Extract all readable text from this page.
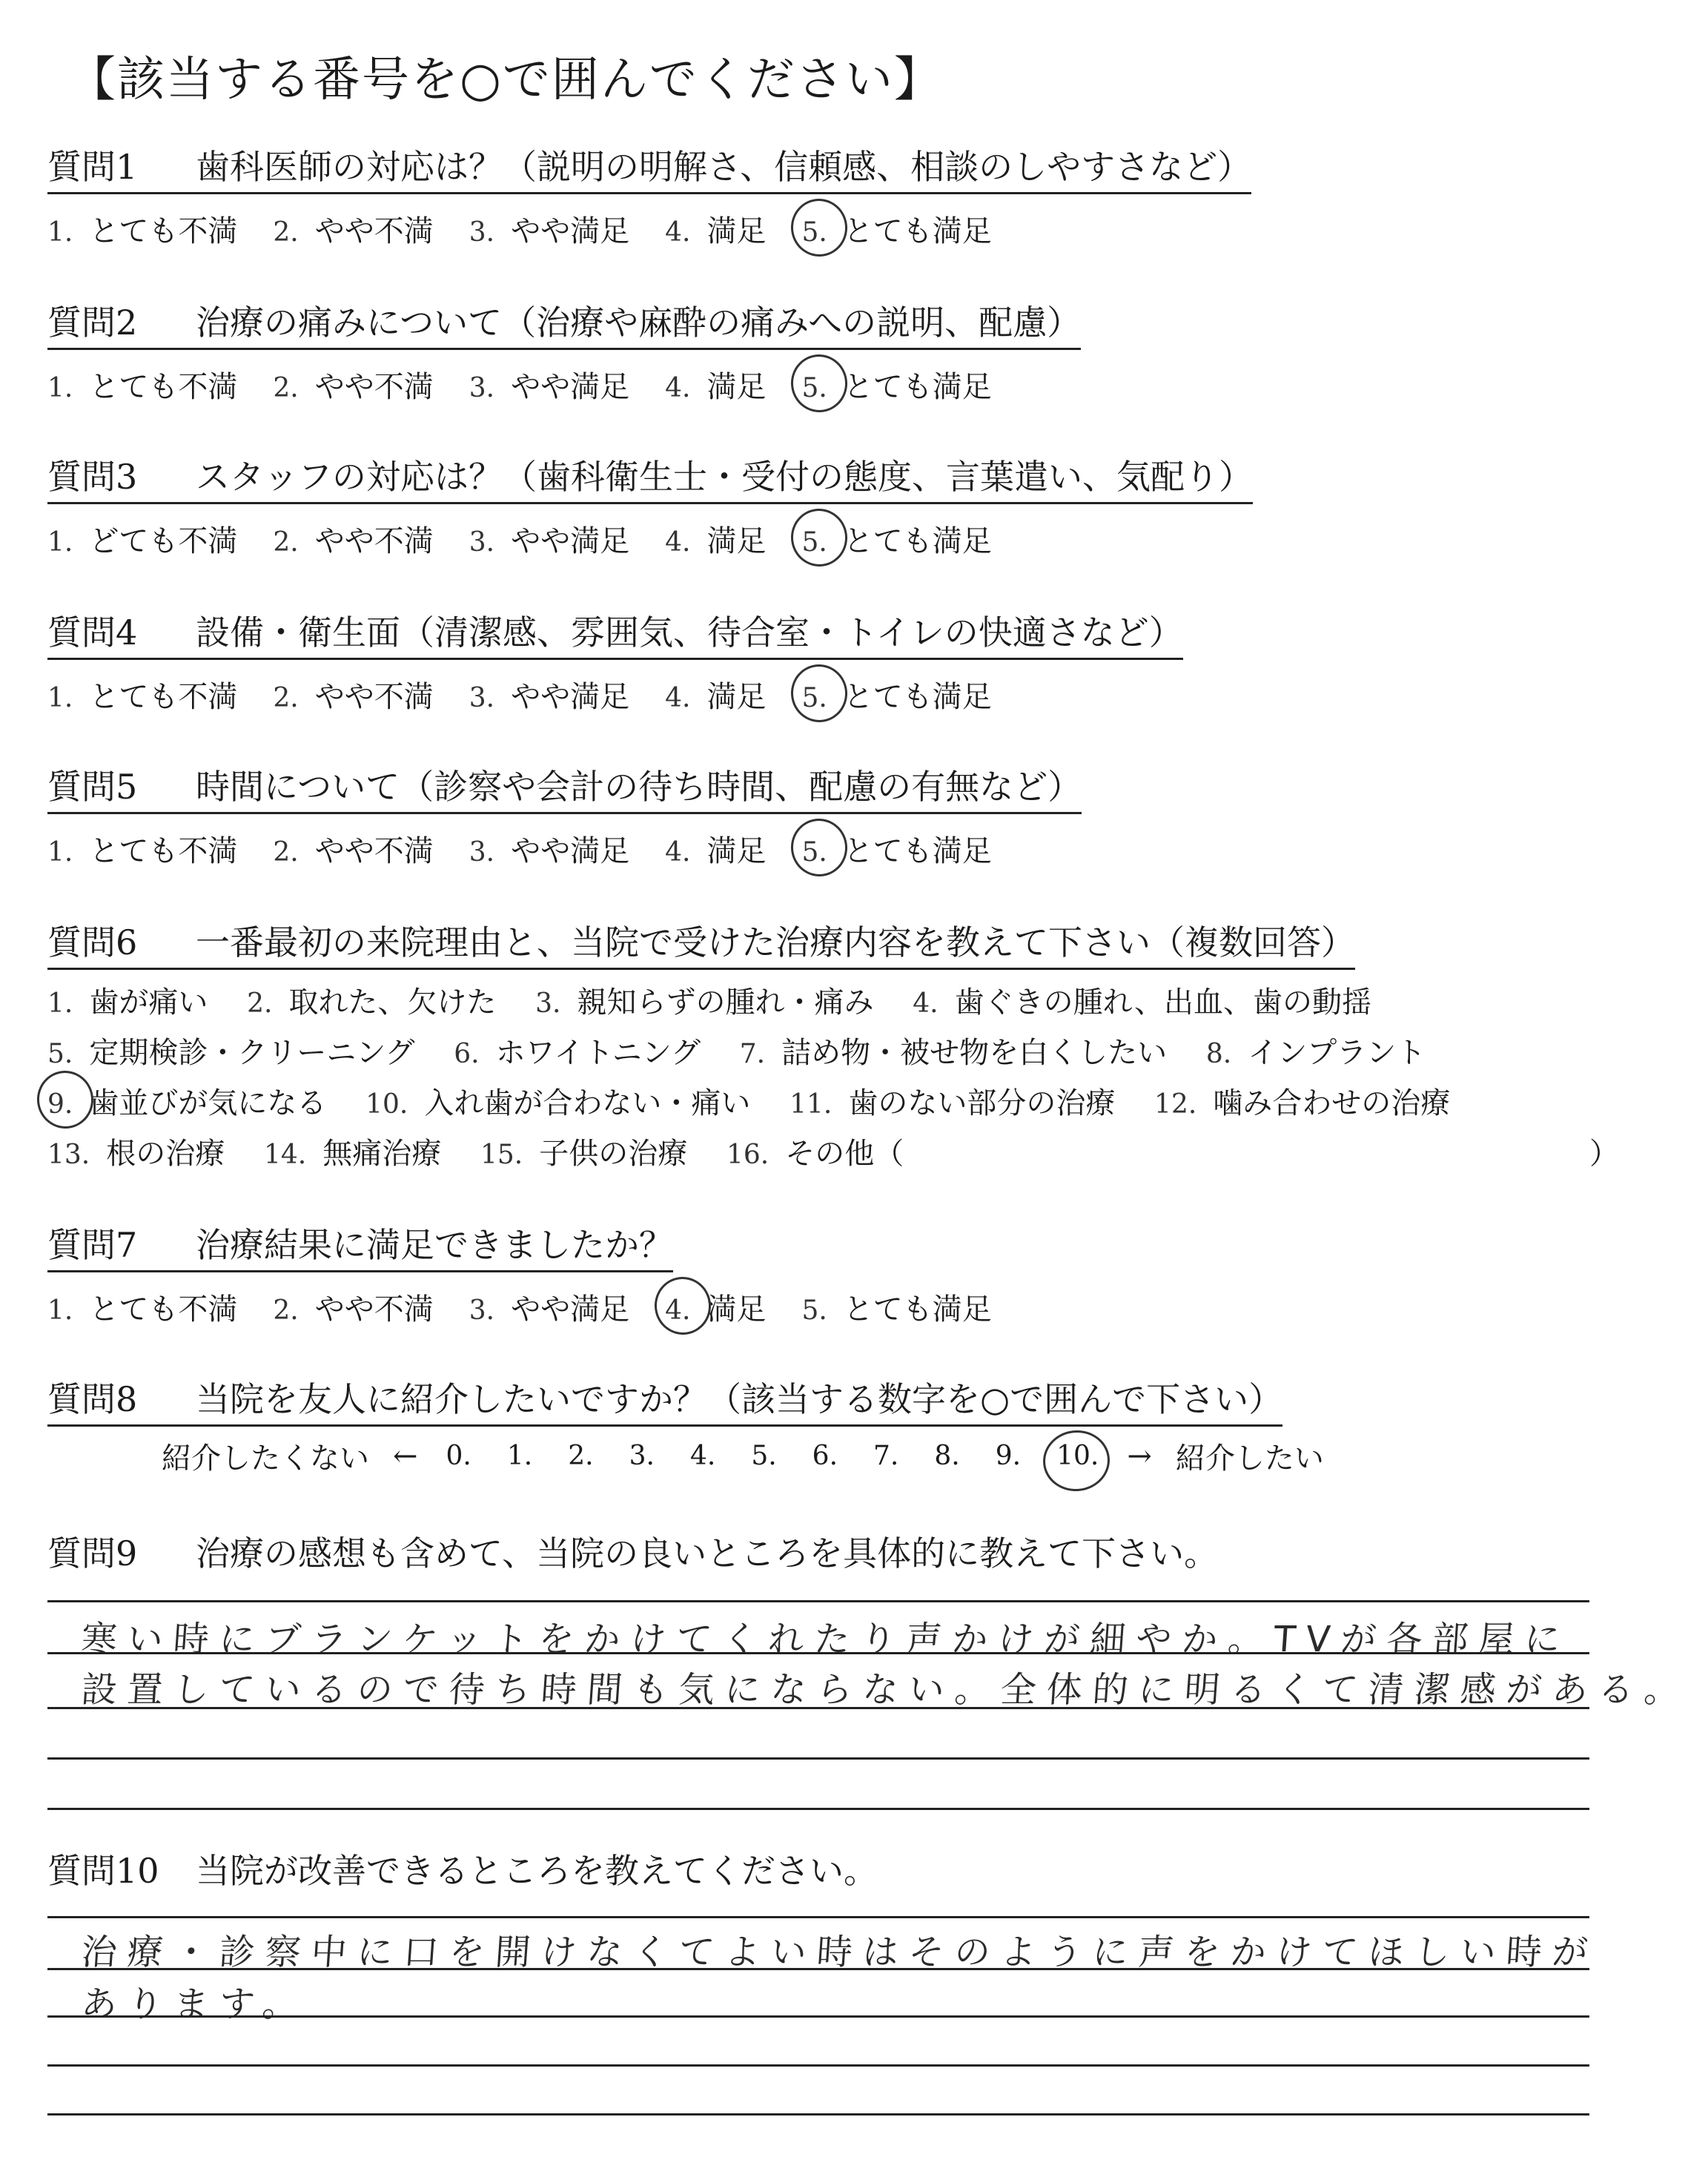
【該当する番号を○で囲んでください】
質問1 歯科医師の対応は？（説明の明解さ、信頼感、相談のしやすさなど）
1. とても不満 2. やや不満 3. やや満足 4. 満足 5. とても満足
質問2 治療の痛みについて（治療や麻酔の痛みへの説明、配慮）
1. とても不満 2. やや不満 3. やや満足 4. 満足 5. とても満足
質問3 スタッフの対応は？（歯科衛生士・受付の態度、言葉遣い、気配り）
1. どても不満 2. やや不満 3. やや満足 4. 満足 5. とても満足
質問4 設備・衛生面（清潔感、雰囲気、待合室・トイレの快適さなど）
1. とても不満 2. やや不満 3. やや満足 4. 満足 5. とても満足
質問5 時間について（診察や会計の待ち時間、配慮の有無など）
1. とても不満 2. やや不満 3. やや満足 4. 満足 5. とても満足
質問6 一番最初の来院理由と、当院で受けた治療内容を教えて下さい（複数回答）
1. 歯が痛い
2. 取れた、欠けた
3. 親知らずの腫れ・痛み
4. 歯ぐきの腫れ、出血、歯の動揺
5. 定期検診・クリーニング
6. ホワイトニング
7. 詰め物・被せ物を白くしたい
8. インプラント
9. 歯並びが気になる
10. 入れ歯が合わない・痛い
11. 歯のない部分の治療
12. 噛み合わせの治療
13. 根の治療
14. 無痛治療
15. 子供の治療
16. その他（	）
質問7 治療結果に満足できましたか？
1. とても不満 2. やや不満 3. やや満足 4. 満足 5. とても満足
質問8 当院を友人に紹介したいですか？（該当する数字を○で囲んで下さい）
紹介したくない ← 0. 1. 2. 3. 4. 5. 6. 7. 8. 9. 10. → 紹介したい
質問9 治療の感想も含めて、当院の良いところを具体的に教えて下さい。
寒い時にブランケットをかけてくれたり声かけが細やか。TVが各部屋に
設置しているので待ち時間も気にならない。全体的に明るくて清潔感がある。
質問10 当院が改善できるところを教えてください。
治療・診察中に口を開けなくてよい時はそのように声をかけてほしい時が
あります。
